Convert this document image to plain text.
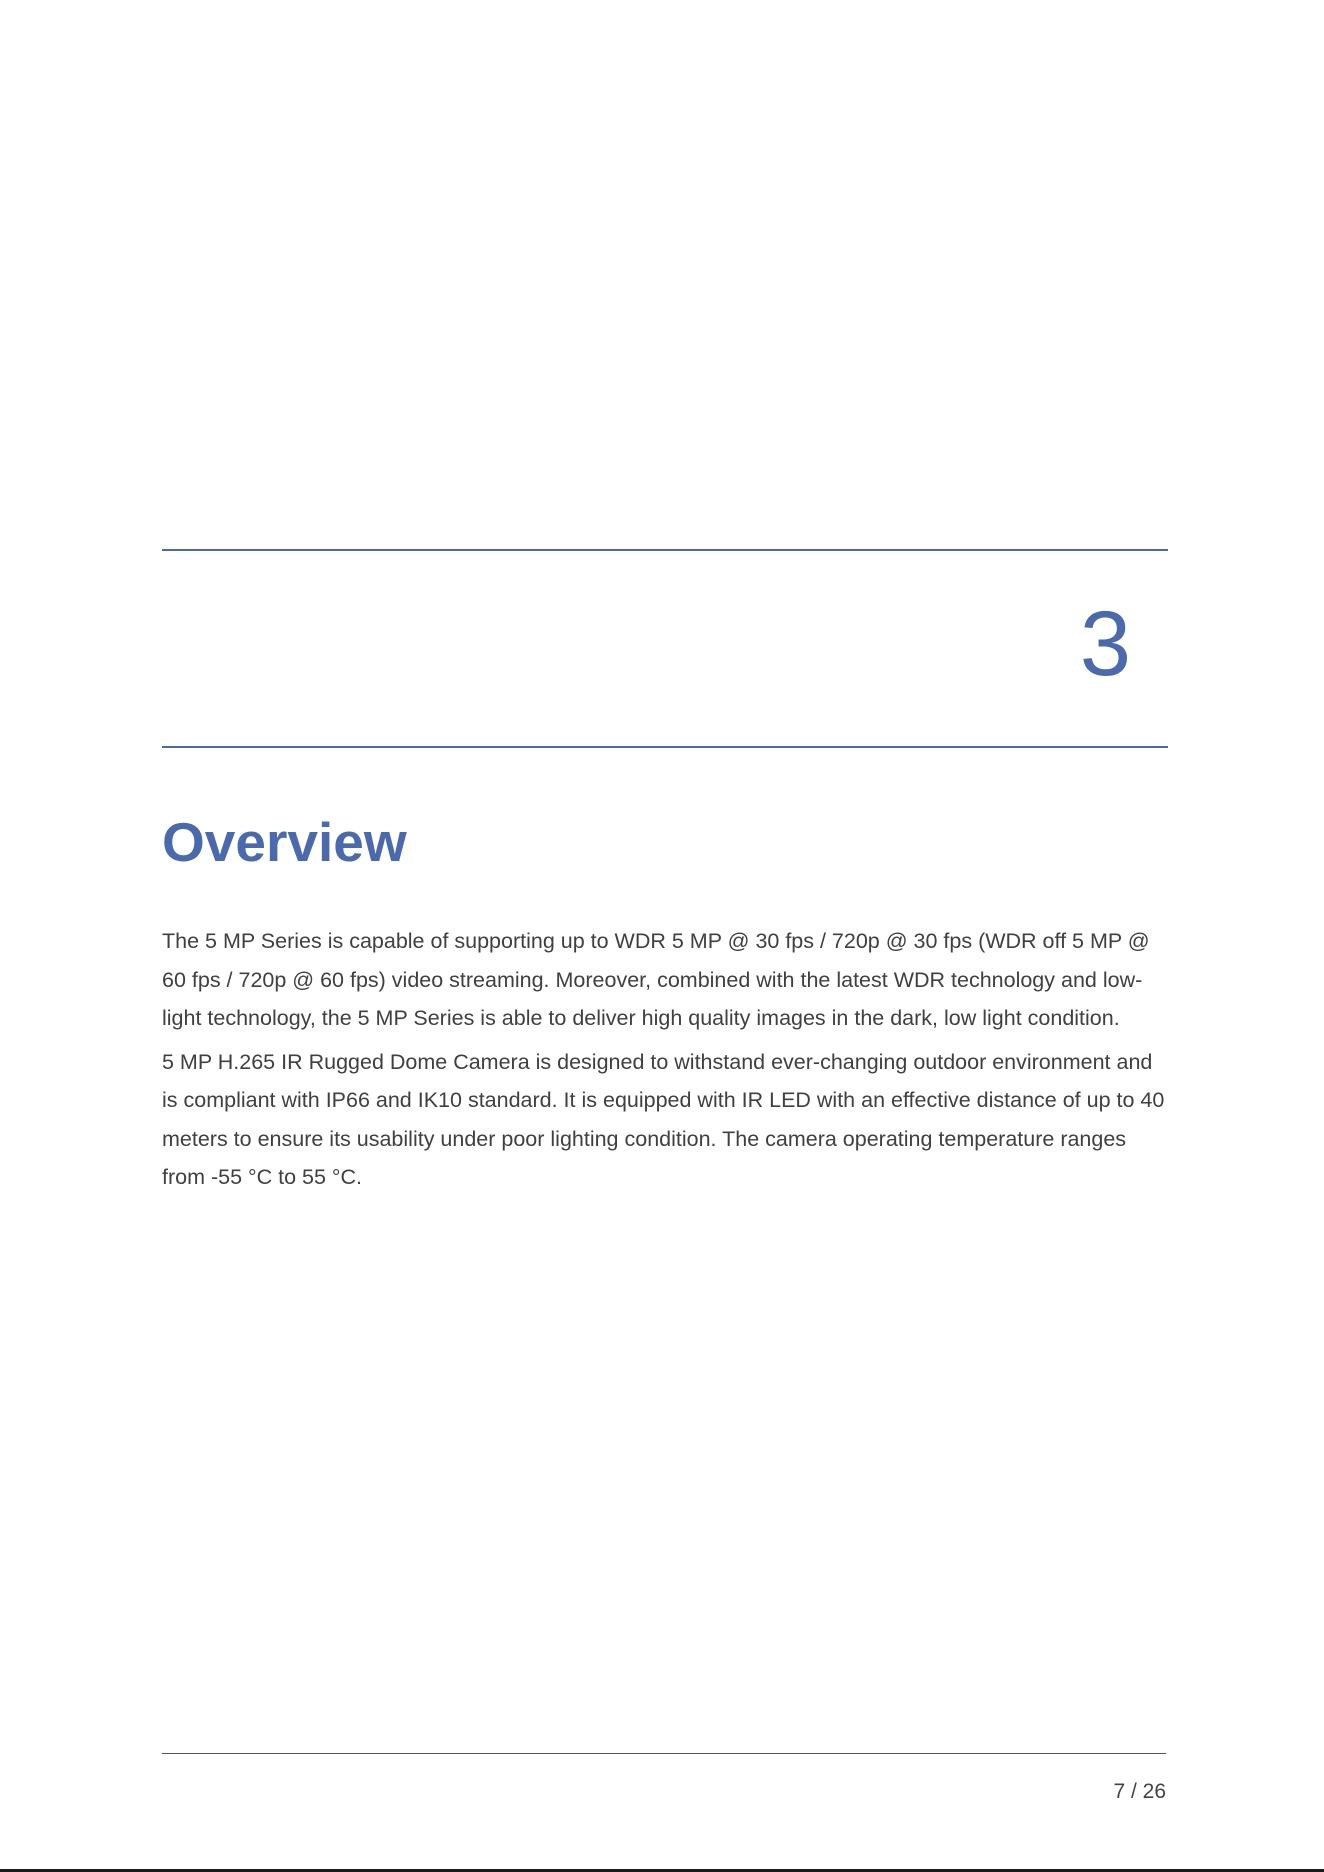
3
Overview

The 5 MP Series is capable of supporting up to WDR 5 MP @ 30 fps / 720p @ 30 fps (WDR off 5 MP @ 60 fps / 720p @ 60 fps) video streaming. Moreover, combined with the latest WDR technology and low-light technology, the 5 MP Series is able to deliver high quality images in the dark, low light condition.

5 MP H.265 IR Rugged Dome Camera is designed to withstand ever-changing outdoor environment and is compliant with IP66 and IK10 standard. It is equipped with IR LED with an effective distance of up to 40 meters to ensure its usability under poor lighting condition. The camera operating temperature ranges from -55 °C to 55 °C.

7 / 26
